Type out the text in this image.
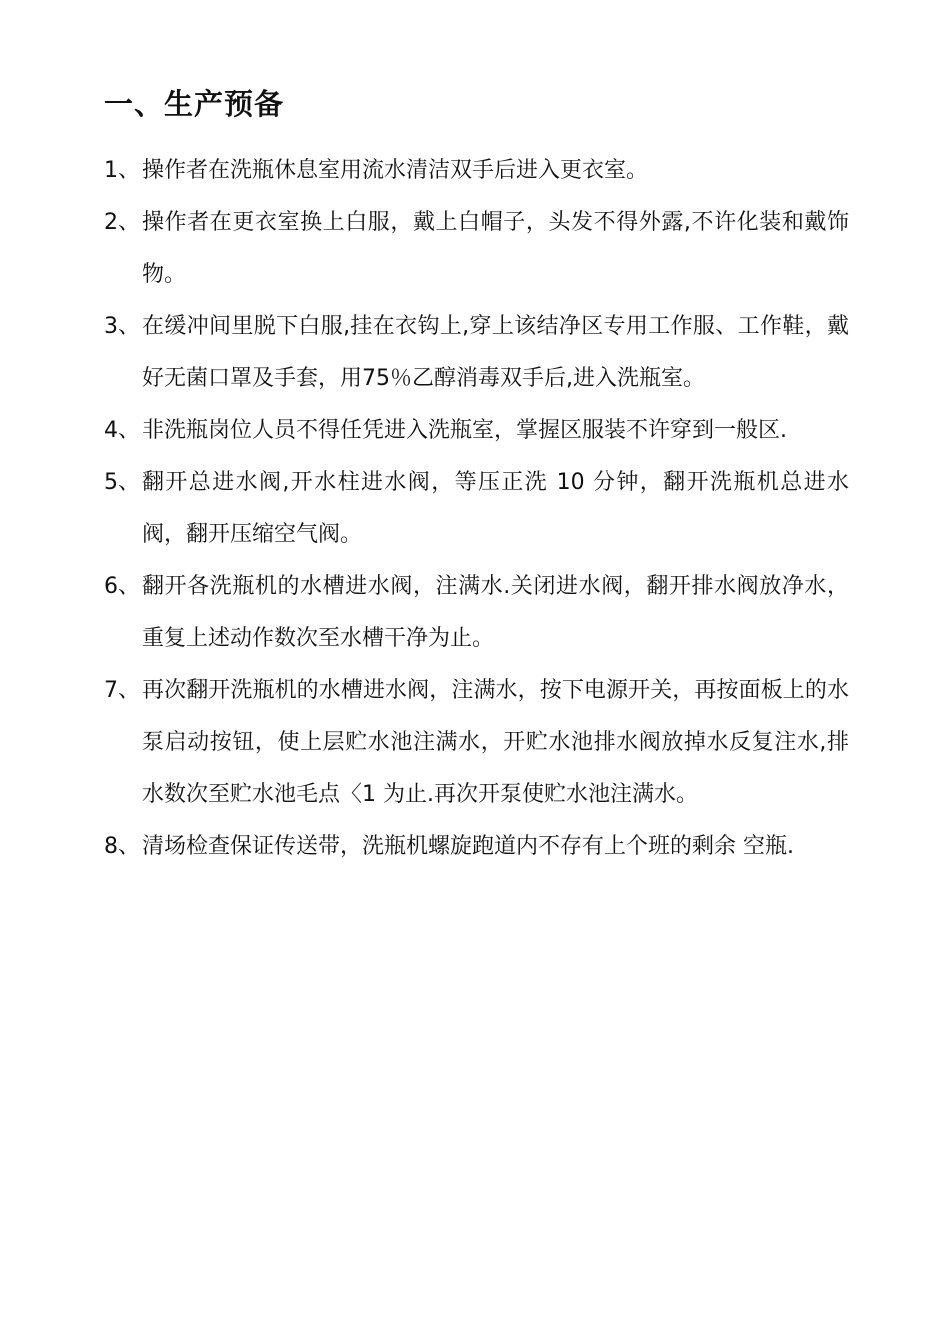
一、生产预备
1、 操作者在洗瓶休息室用流水清洁双手后进入更衣室。
2、 操作者在更衣室换上白服，戴上白帽子，头发不得外露,不许化装和戴饰物。
3、 在缓冲间里脱下白服,挂在衣钩上,穿上该结净区专用工作服、工作鞋，戴好无菌口罩及手套，用75％乙醇消毒双手后,进入洗瓶室。
4、 非洗瓶岗位人员不得任凭进入洗瓶室，掌握区服装不许穿到一般区.
5、 翻开总进水阀,开水柱进水阀，等压正洗 10 分钟，翻开洗瓶机总进水阀，翻开压缩空气阀。
6、 翻开各洗瓶机的水槽进水阀，注满水.关闭进水阀，翻开排水阀放净水，重复上述动作数次至水槽干净为止。
7、 再次翻开洗瓶机的水槽进水阀，注满水，按下电源开关，再按面板上的水泵启动按钮，使上层贮水池注满水，开贮水池排水阀放掉水反复注水,排水数次至贮水池毛点〈1 为止.再次开泵使贮水池注满水。
8、 清场检查保证传送带，洗瓶机螺旋跑道内不存有上个班的剩余 空瓶.
